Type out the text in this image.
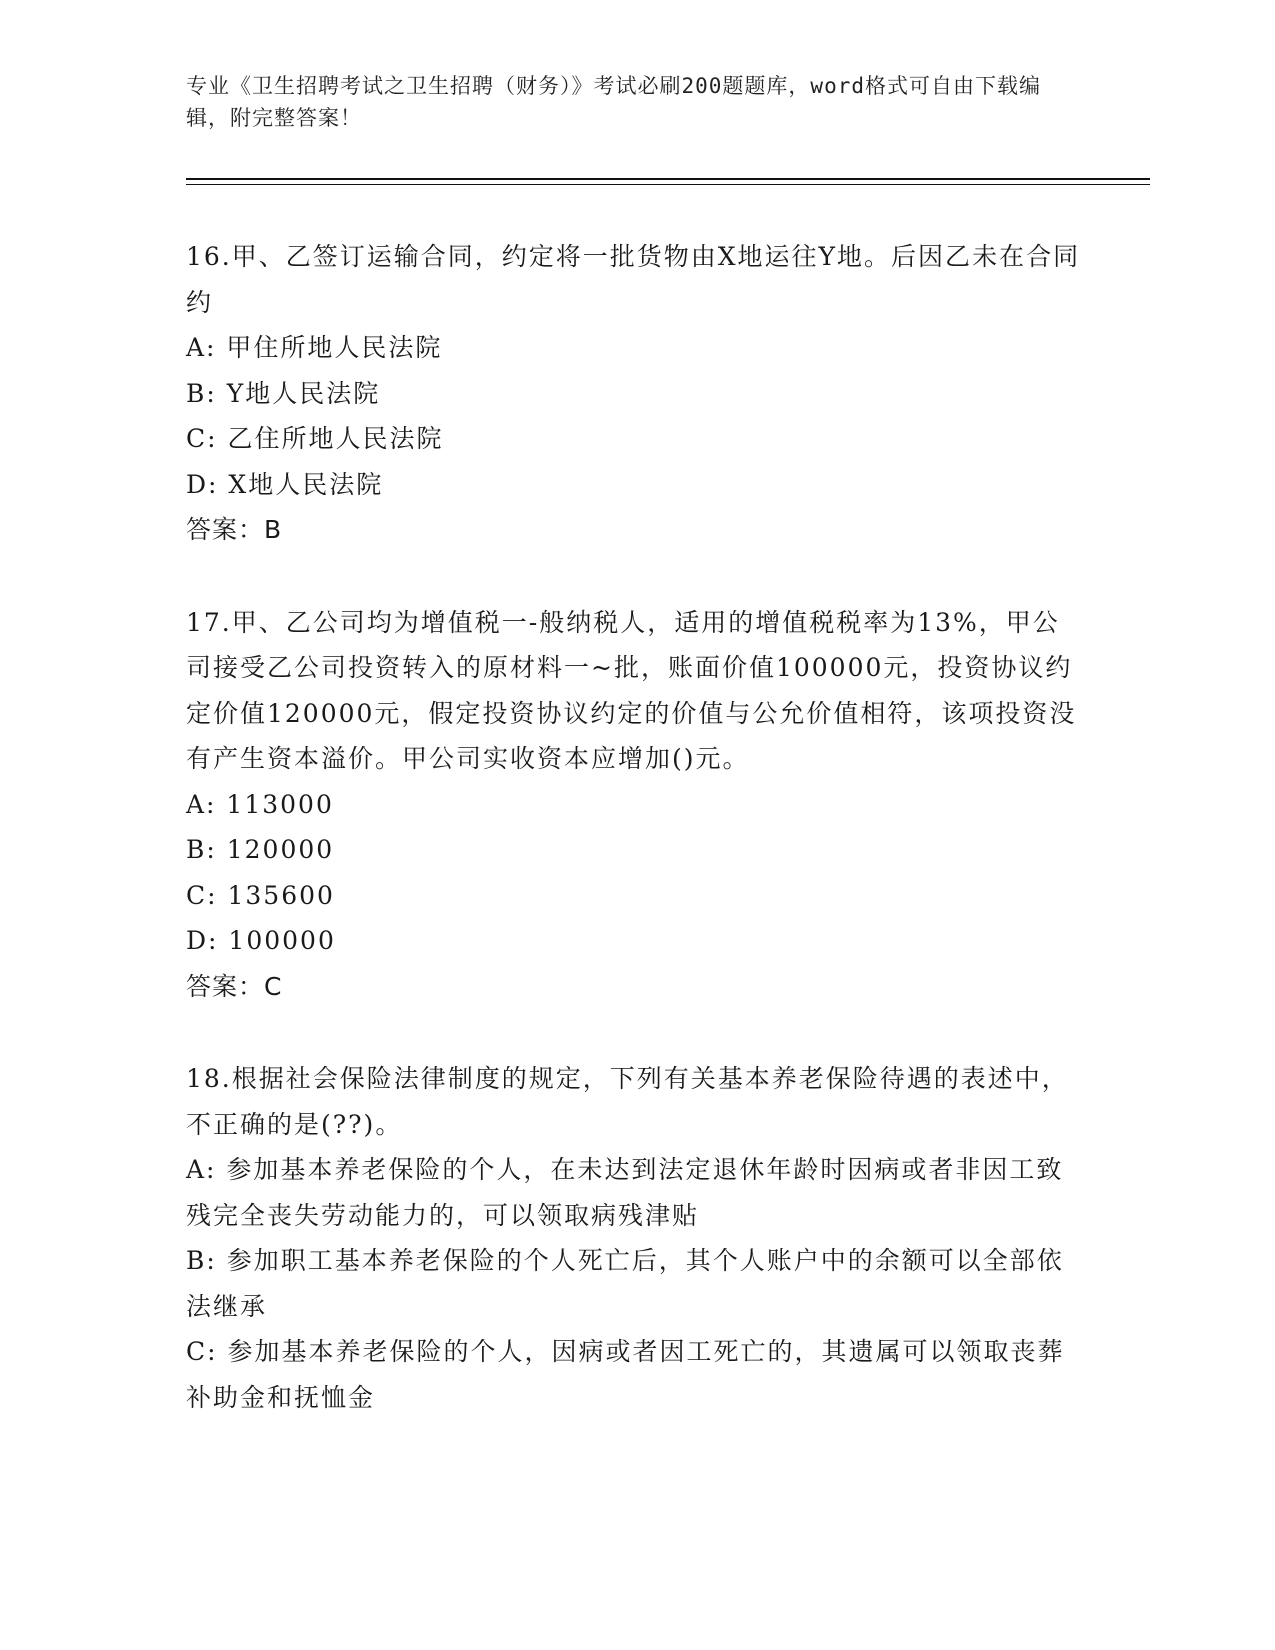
专业《卫生招聘考试之卫生招聘（财务）》考试必刷200题题库，word格式可自由下载编辑，附完整答案！

16.甲、乙签订运输合同，约定将一批货物由X地运往Y地。后因乙未在合同约

A: 甲住所地人民法院

B: Y地人民法院

C: 乙住所地人民法院

D: X地人民法院

答案：B

17.甲、乙公司均为增值税一-般纳税人，适用的增值税税率为13%，甲公司接受乙公司投资转入的原材料一~批，账面价值100000元，投资协议约定价值120000元，假定投资协议约定的价值与公允价值相符，该项投资没有产生资本溢价。甲公司实收资本应增加()元。

A: 113000

B: 120000

C: 135600

D: 100000

答案：C

18.根据社会保险法律制度的规定，下列有关基本养老保险待遇的表述中，不正确的是(??)。

A: 参加基本养老保险的个人，在未达到法定退休年龄时因病或者非因工致残完全丧失劳动能力的，可以领取病残津贴

B: 参加职工基本养老保险的个人死亡后，其个人账户中的余额可以全部依法继承

C: 参加基本养老保险的个人，因病或者因工死亡的，其遗属可以领取丧葬补助金和抚恤金
